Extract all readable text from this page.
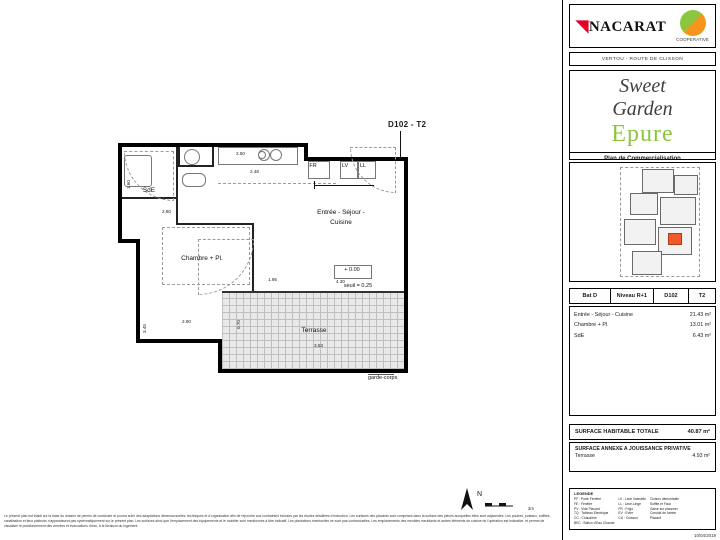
D102 - T2
2.48
2.50
FR	LV	LL
SdE
1.60
2.80
Chambre + Pl.
3.45
2.90	0.70
Entrée - Séjour -
Cuisine
+ 0.00
4.30
1.95
seuil = 0.25
Terrasse
3.53
garde-corps
N
2m
Le présent plan est établi sur la base du dossier de permis de construire et pourra subir des adaptations dimensionnelles, techniques et d'organisation afin de répondre aux contraintes incluses par les études détaillées d'exécution. Les surfaces des placards sont comprises dans la surface des pièces auxquelles elles sont adjacentes. Les poutres, poteaux, soffites, canalisation et faux plafonds n'apparaissent pas systématiquement sur le présent plan. Les surfaces ainsi que l'emplacement des équipements et le mobilier sont mentionnés à titre indicatif. Les plantations éventuelles ne sont pas contractuelles. Les emplacements des meubles meublants et autres éléments de cuisine de l'opération est indicative, et permet de visualiser le positionnement des arrivées et évacuations d'eau, à la livraison du logement.
◥NACARAT
COOPERATIVE
VERTOU - ROUTE DE CLISSON
Sweet
Garden
Epure
Plan de Commercialisation
Bat D	Niveau R+1	D102	T2
Entrée - Séjour - Cuisine	21.43 m²
Chambre + Pl.	13.01 m²
SdE	6.43 m²
SURFACE HABITABLE TOTALE	40.87 m²
SURFACE ANNEXE A JOUISSANCE PRIVATIVE
Terrasse	4.93 m²
LEGENDE
PF : Porte Fenêtre
FE : Fenêtre
PV : Vide Placard
TQ : Tableau Electrique
CC : Chaudière
BEC : Ballon d'Eau Chaude
LV : Lave Vaisselle
LL : Lave-Linge
FR : Frigo
EV : Evier
CU : Cuisson
Cloison démontable
Soffite et Faux
Gaine sur plancher
Conduit de fumée
Placard
10/04/2019
